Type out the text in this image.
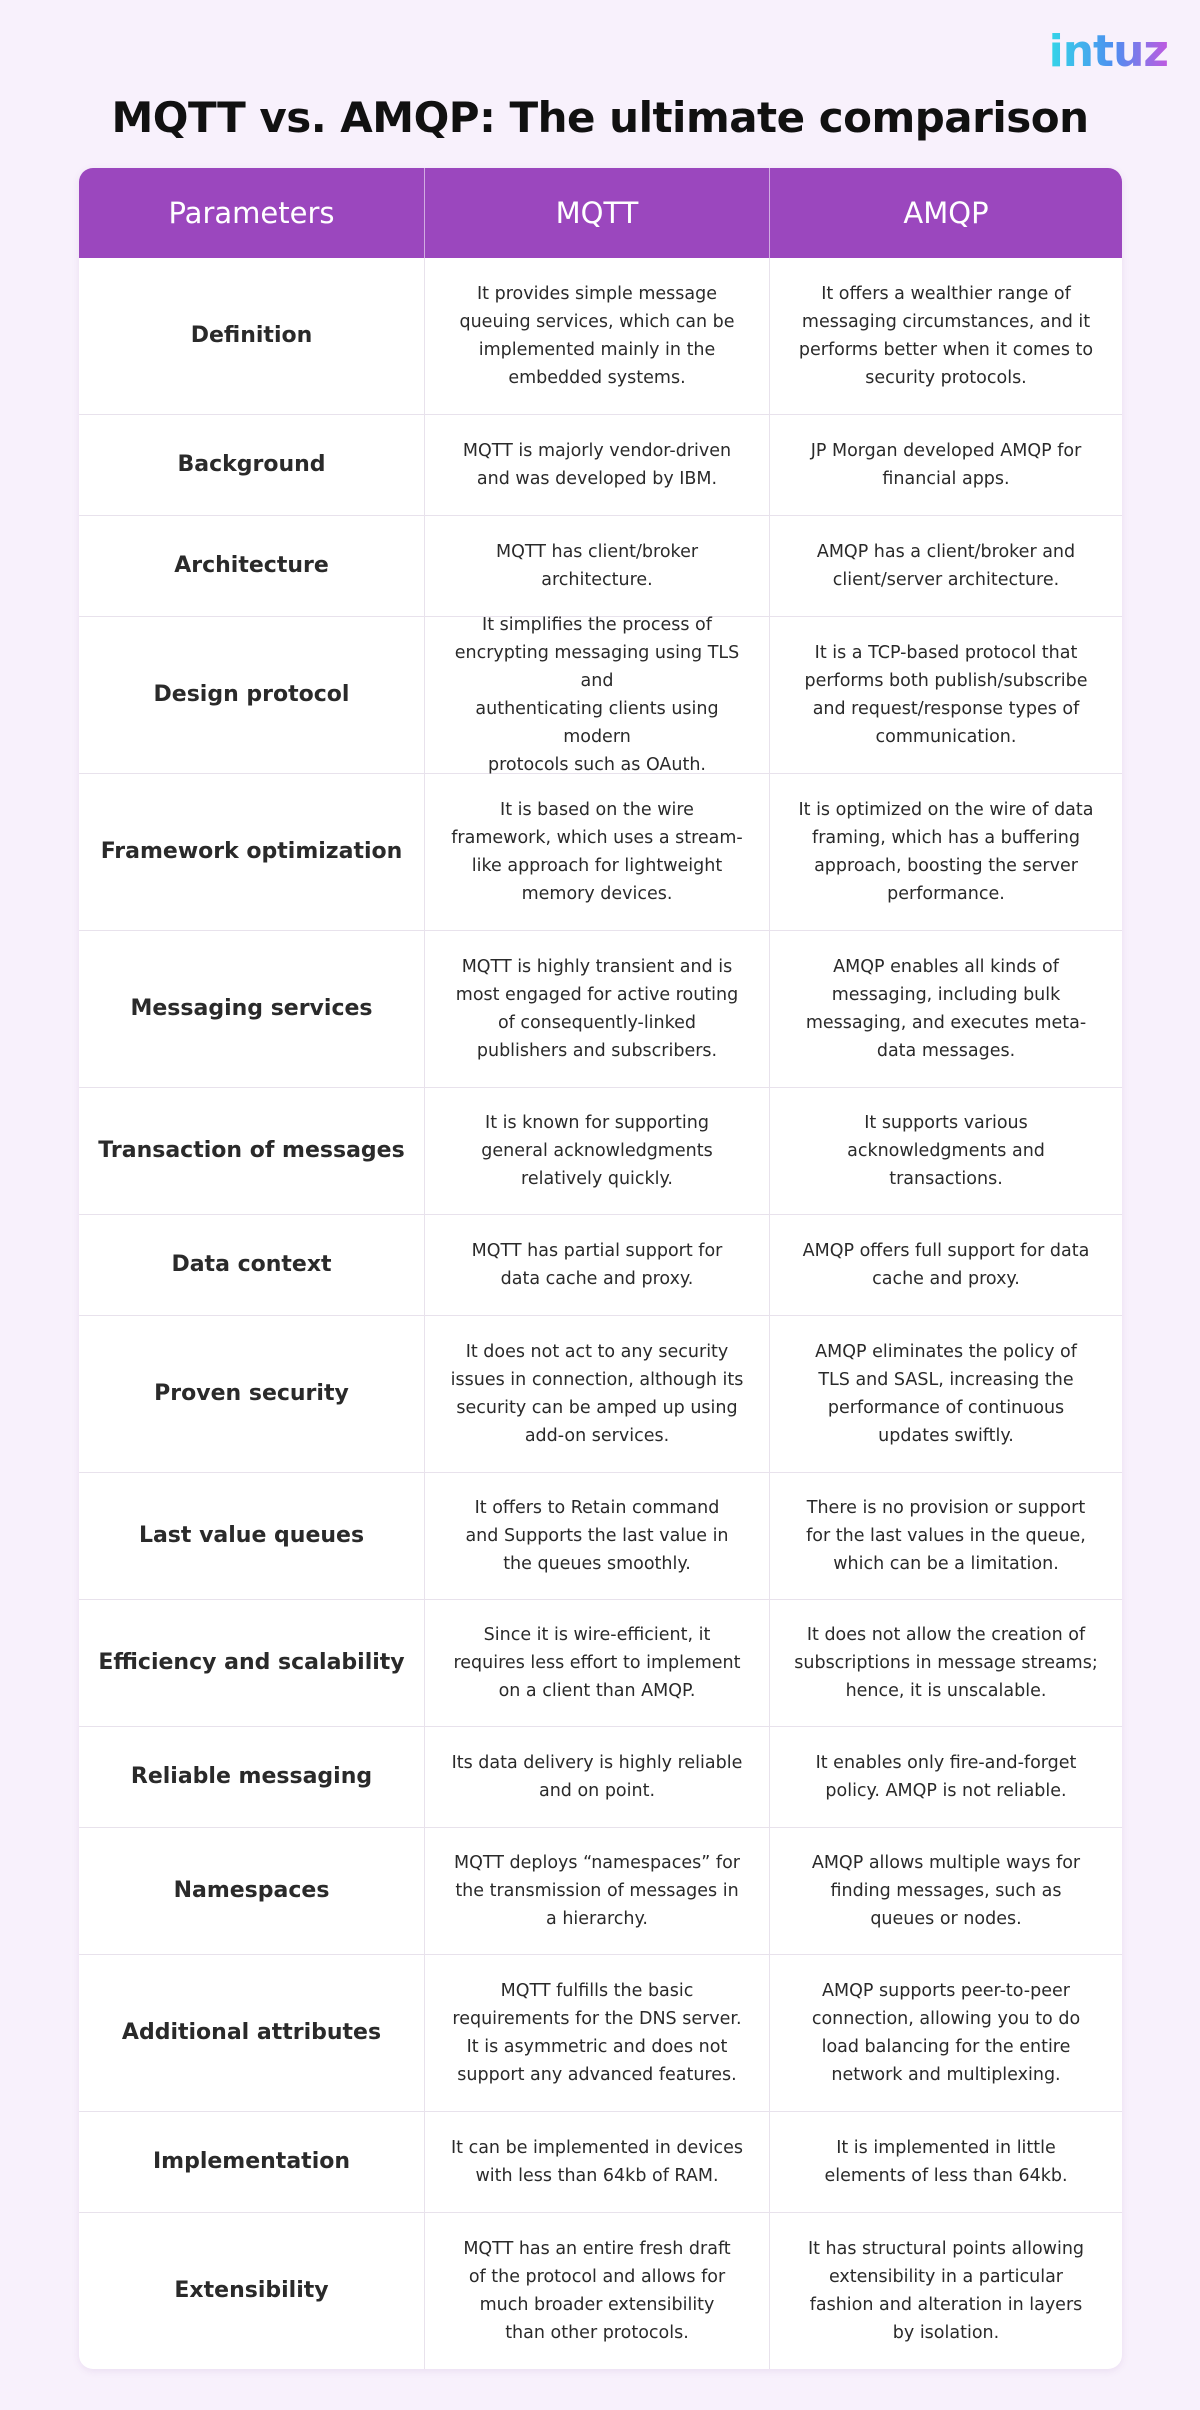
intuz
MQTT vs. AMQP: The ultimate comparison
Parameters	MQTT	AMQP
Definition
It provides simple message
queuing services, which can be
implemented mainly in the
embedded systems.
It offers a wealthier range of
messaging circumstances, and it
performs better when it comes to
security protocols.
Background
MQTT is majorly vendor-driven
and was developed by IBM.
JP Morgan developed AMQP for
financial apps.
Architecture
MQTT has client/broker
architecture.
AMQP has a client/broker and
client/server architecture.
Design protocol
It simplifies the process of
encrypting messaging using TLS and
authenticating clients using modern
protocols such as OAuth.
It is a TCP-based protocol that
performs both publish/subscribe
and request/response types of
communication.
Framework optimization
It is based on the wire
framework, which uses a stream-
like approach for lightweight
memory devices.
It is optimized on the wire of data
framing, which has a buffering
approach, boosting the server
performance.
Messaging services
MQTT is highly transient and is
most engaged for active routing
of consequently-linked
publishers and subscribers.
AMQP enables all kinds of
messaging, including bulk
messaging, and executes meta-
data messages.
Transaction of messages
It is known for supporting
general acknowledgments
relatively quickly.
It supports various
acknowledgments and
transactions.
Data context
MQTT has partial support for
data cache and proxy.
AMQP offers full support for data
cache and proxy.
Proven security
It does not act to any security
issues in connection, although its
security can be amped up using
add-on services.
AMQP eliminates the policy of
TLS and SASL, increasing the
performance of continuous
updates swiftly.
Last value queues
It offers to Retain command
and Supports the last value in
the queues smoothly.
There is no provision or support
for the last values in the queue,
which can be a limitation.
Efficiency and scalability
Since it is wire-efficient, it
requires less effort to implement
on a client than AMQP.
It does not allow the creation of
subscriptions in message streams;
hence, it is unscalable.
Reliable messaging
Its data delivery is highly reliable
and on point.
It enables only fire-and-forget
policy. AMQP is not reliable.
Namespaces
MQTT deploys “namespaces” for
the transmission of messages in
a hierarchy.
AMQP allows multiple ways for
finding messages, such as
queues or nodes.
Additional attributes
MQTT fulfills the basic
requirements for the DNS server.
It is asymmetric and does not
support any advanced features.
AMQP supports peer-to-peer
connection, allowing you to do
load balancing for the entire
network and multiplexing.
Implementation
It can be implemented in devices
with less than 64kb of RAM.
It is implemented in little
elements of less than 64kb.
Extensibility
MQTT has an entire fresh draft
of the protocol and allows for
much broader extensibility
than other protocols.
It has structural points allowing
extensibility in a particular
fashion and alteration in layers
by isolation.
